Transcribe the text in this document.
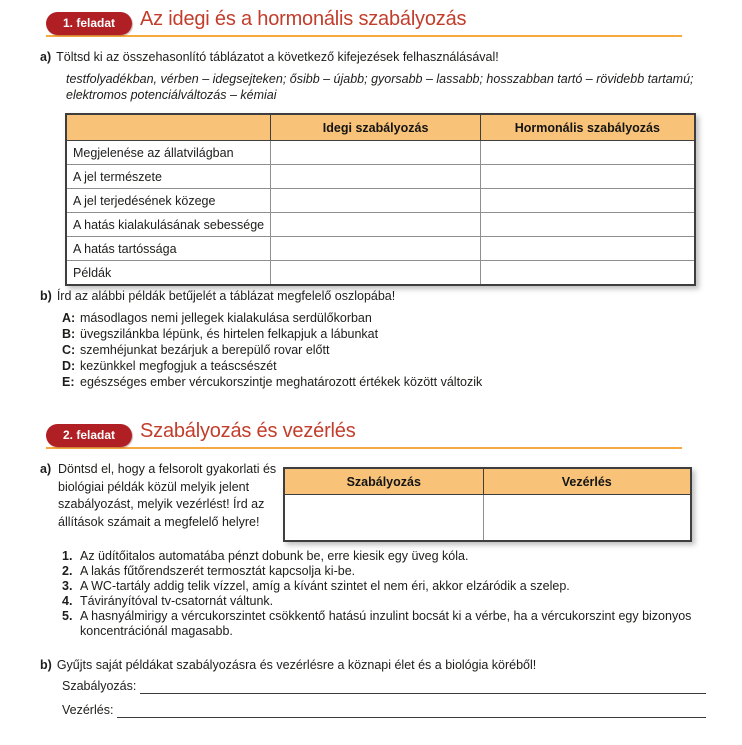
1. feladat	Az idegi és a hormonális szabályozás
a) Töltsd ki az összehasonlító táblázatot a következő kifejezések felhasználásával!
testfolyadékban, vérben – idegsejteken; ősibb – újabb; gyorsabb – lassabb; hosszabban tartó – rövidebb tartamú; elektromos potenciálváltozás – kémiai
	Idegi szabályozás	Hormonális szabályozás
Megjelenése az állatvilágban		
A jel természete		
A jel terjedésének közege		
A hatás kialakulásának sebessége		
A hatás tartóssága		
Példák		
b) Írd az alábbi példák betűjelét a táblázat megfelelő oszlopába!
A: másodlagos nemi jellegek kialakulása serdülőkorban
B: üvegszilánkba lépünk, és hirtelen felkapjuk a lábunkat
C: szemhéjunkat bezárjuk a berepülő rovar előtt
D: kezünkkel megfogjuk a teáscsészét
E: egészséges ember vércukorszintje meghatározott értékek között változik
2. feladat	Szabályozás és vezérlés
a) Döntsd el, hogy a felsorolt gyakorlati és biológiai példák közül melyik jelent szabályozást, melyik vezérlést! Írd az állítások számait a megfelelő helyre!
Szabályozás	Vezérlés

1. Az üdítőitalos automatába pénzt dobunk be, erre kiesik egy üveg kóla.
2. A lakás fűtőrendszerét termosztát kapcsolja ki-be.
3. A WC-tartály addig telik vízzel, amíg a kívánt szintet el nem éri, akkor elzáródik a szelep.
4. Távirányítóval tv-csatornát váltunk.
5. A hasnyálmirigy a vércukorszintet csökkentő hatású inzulint bocsát ki a vérbe, ha a vércukorszint egy bizonyos koncentrációnál magasabb.
b) Gyűjts saját példákat szabályozásra és vezérlésre a köznapi élet és a biológia köréből!
Szabályozás:
Vezérlés:
